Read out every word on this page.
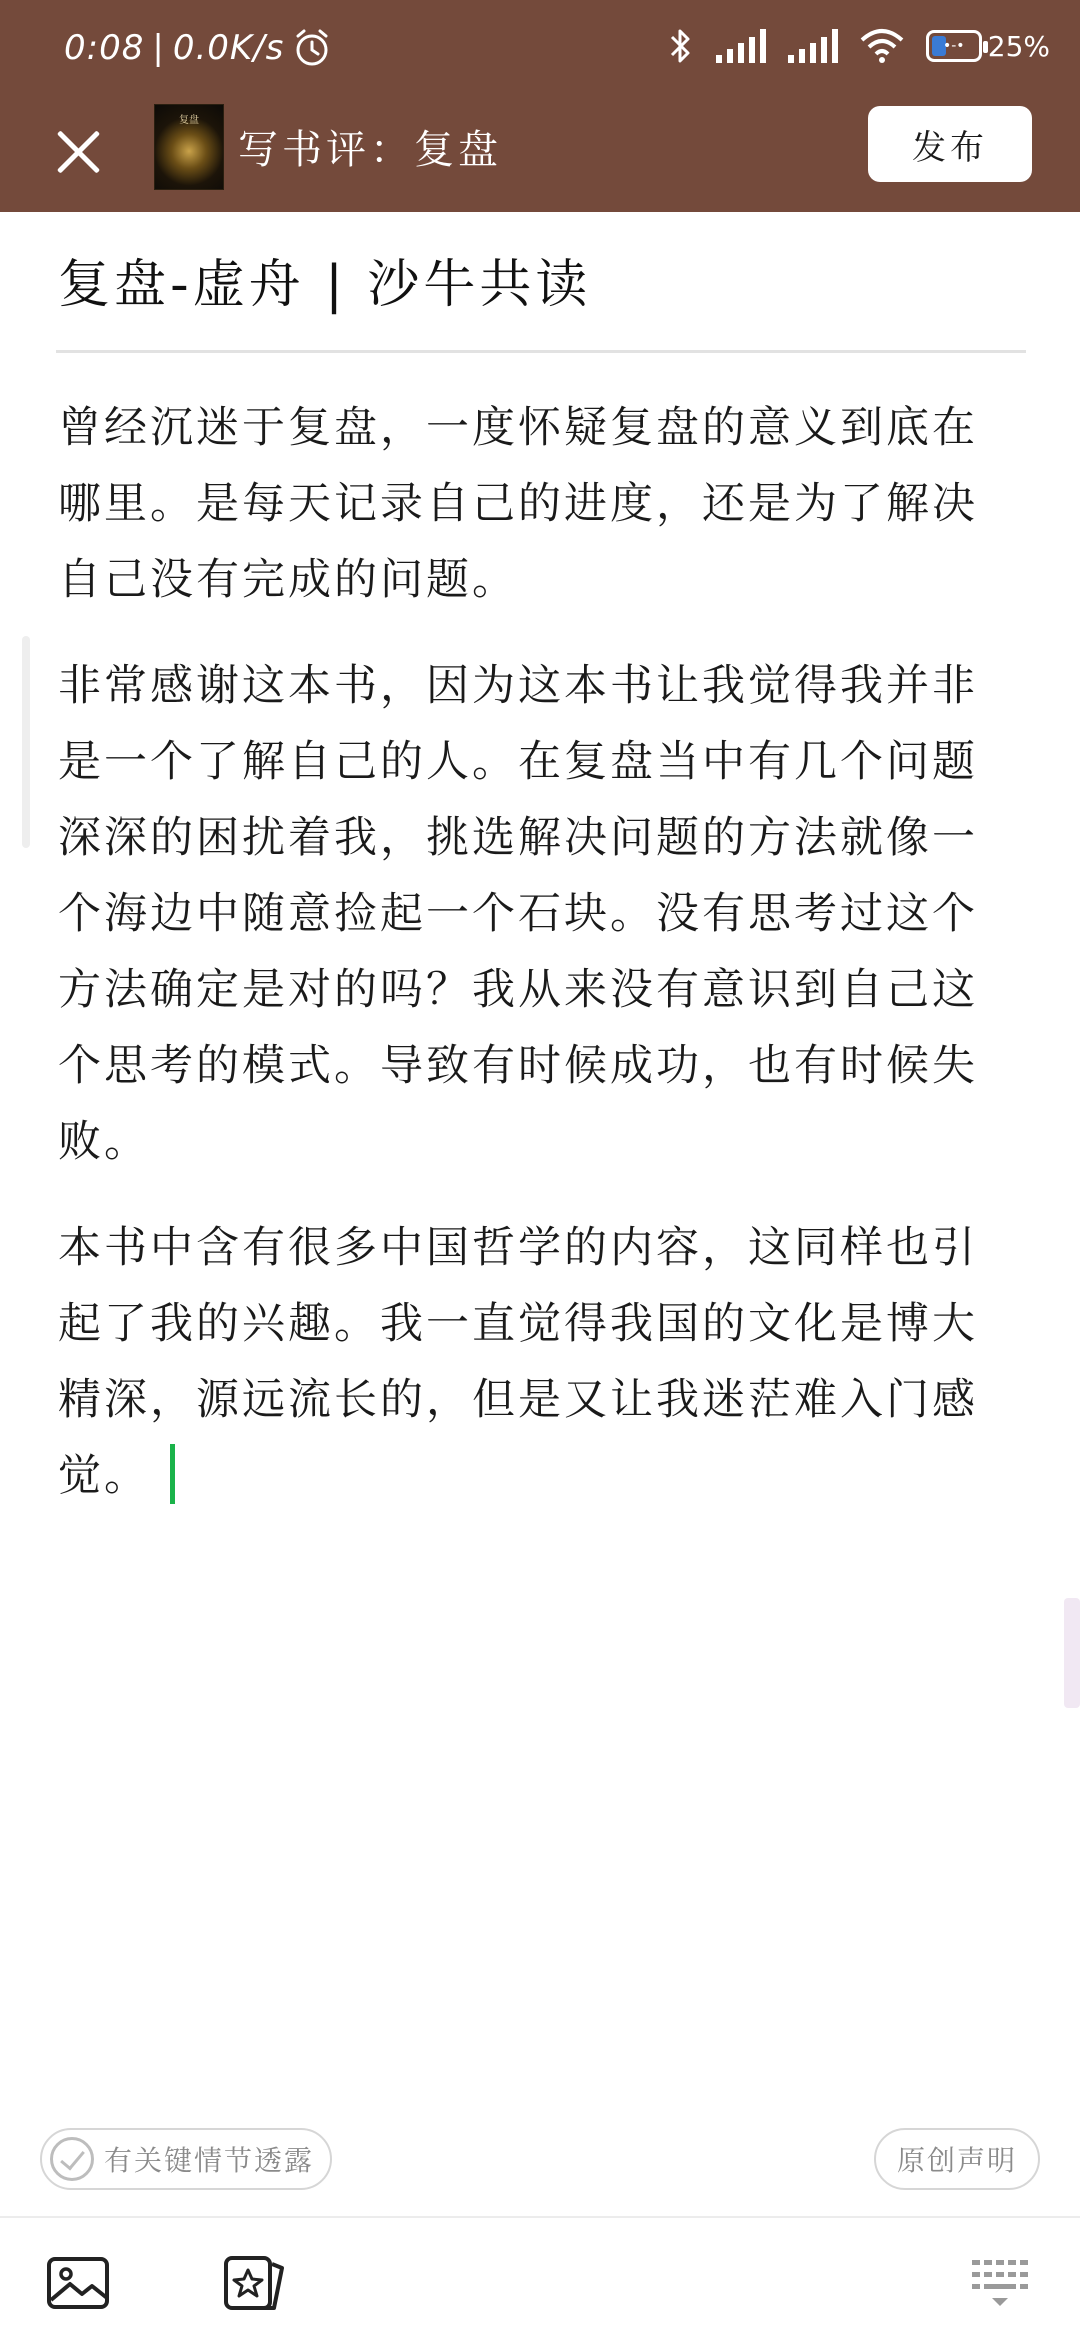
0:08 | 0.0K/s	•-• 25%
复盘
写书评：复盘	发布
复盘-虚舟 | 沙牛共读

曾经沉迷于复盘，一度怀疑复盘的意义到底在哪里。是每天记录自己的进度，还是为了解决自己没有完成的问题。

非常感谢这本书，因为这本书让我觉得我并非是一个了解自己的人。在复盘当中有几个问题深深的困扰着我，挑选解决问题的方法就像一个海边中随意捡起一个石块。没有思考过这个方法确定是对的吗？我从来没有意识到自己这个思考的模式。导致有时候成功，也有时候失败。

本书中含有很多中国哲学的内容，这同样也引起了我的兴趣。我一直觉得我国的文化是博大精深，源远流长的，但是又让我迷茫难入门感觉。

有关键情节透露	原创声明
